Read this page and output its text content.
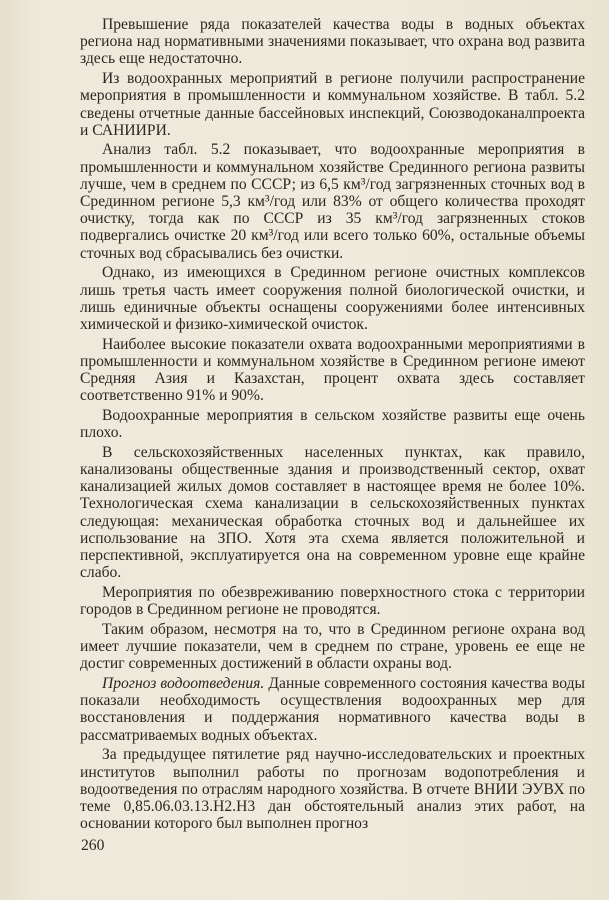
Превышение ряда показателей качества воды в водных объектах региона над нормативными значениями показывает, что охрана вод развита здесь еще недостаточно.

Из водоохранных мероприятий в регионе получили распространение мероприятия в промышленности и коммунальном хозяйстве. В табл. 5.2 сведены отчетные данные бассейновых инспекций, Союзводоканалпроекта и САНИИРИ.

Анализ табл. 5.2 показывает, что водоохранные мероприятия в промышленности и коммунальном хозяйстве Срединного региона развиты лучше, чем в среднем по СССР; из 6,5 км³/год загрязненных сточных вод в Срединном регионе 5,3 км³/год или 83% от общего количества проходят очистку, тогда как по СССР из 35 км³/год загрязненных стоков подвергались очистке 20 км³/год или всего только 60%, остальные объемы сточных вод сбрасывались без очистки.

Однако, из имеющихся в Срединном регионе очистных комплексов лишь третья часть имеет сооружения полной биологической очистки, и лишь единичные объекты оснащены сооружениями более интенсивных химической и физико-химической очисток.

Наиболее высокие показатели охвата водоохранными мероприятиями в промышленности и коммунальном хозяйстве в Срединном регионе имеют Средняя Азия и Казахстан, процент охвата здесь составляет соответственно 91% и 90%.

Водоохранные мероприятия в сельском хозяйстве развиты еще очень плохо.

В сельскохозяйственных населенных пунктах, как правило, канализованы общественные здания и производственный сектор, охват канализацией жилых домов составляет в настоящее время не более 10%. Технологическая схема канализации в сельскохозяйственных пунктах следующая: механическая обработка сточных вод и дальнейшее их использование на ЗПО. Хотя эта схема является положительной и перспективной, эксплуатируется она на современном уровне еще крайне слабо.

Мероприятия по обезвреживанию поверхностного стока с территории городов в Срединном регионе не проводятся.

Таким образом, несмотря на то, что в Срединном регионе охрана вод имеет лучшие показатели, чем в среднем по стране, уровень ее еще не достиг современных достижений в области охраны вод.

Прогноз водоотведения. Данные современного состояния качества воды показали необходимость осуществления водоохранных мер для восстановления и поддержания нормативного качества воды в рассматриваемых водных объектах.

За предыдущее пятилетие ряд научно-исследовательских и проектных институтов выполнил работы по прогнозам водопотребления и водоотведения по отраслям народного хозяйства. В отчете ВНИИ ЭУВХ по теме 0,85.06.03.13.Н2.Н3 дан обстоятельный анализ этих работ, на основании которого был выполнен прогноз

260
